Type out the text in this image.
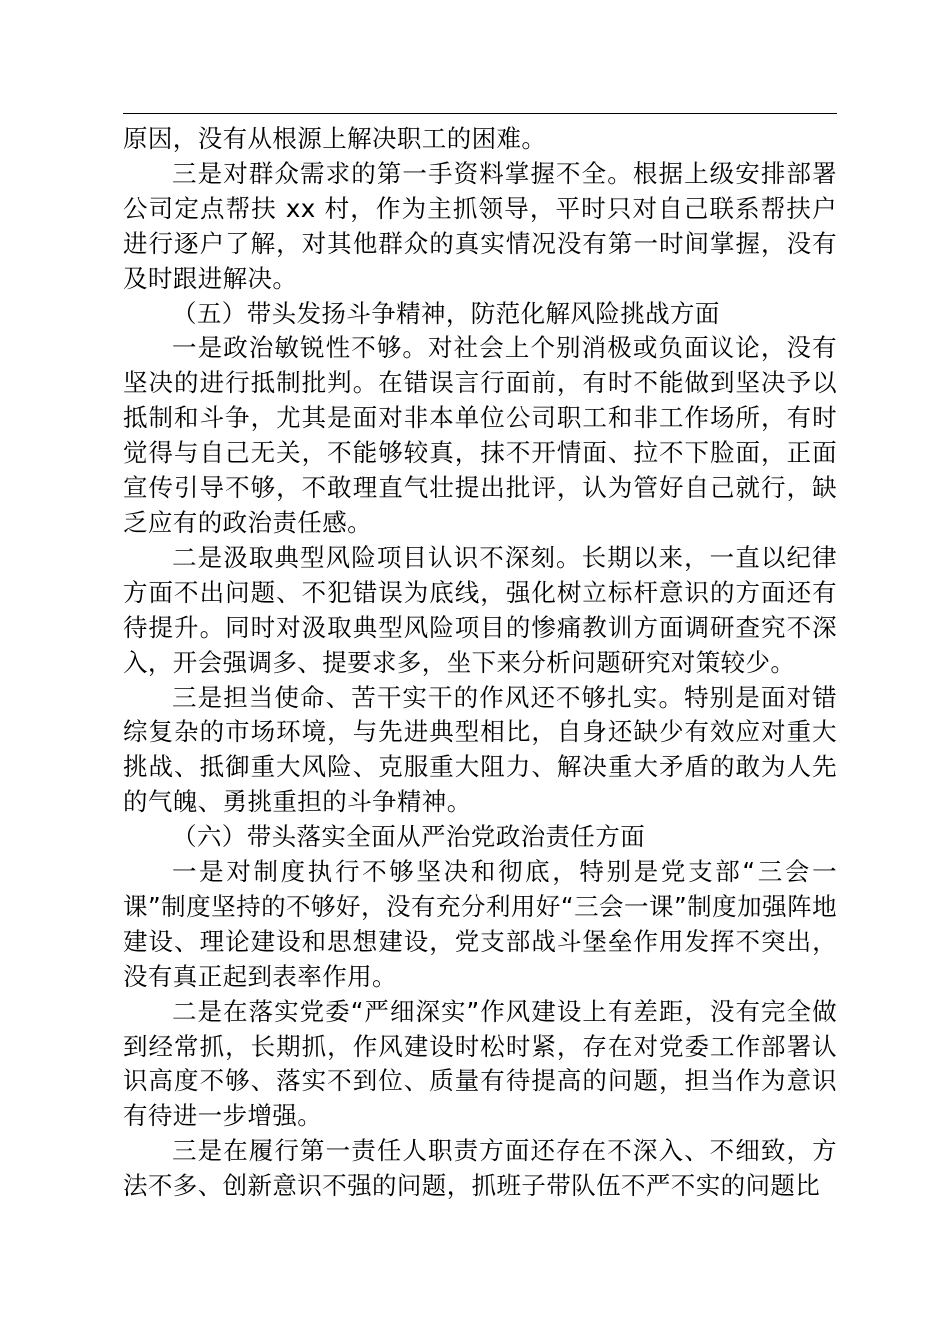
原因，没有从根源上解决职工的困难。

三是对群众需求的第一手资料掌握不全。根据上级安排部署公司定点帮扶 xx 村，作为主抓领导，平时只对自己联系帮扶户进行逐户了解，对其他群众的真实情况没有第一时间掌握，没有及时跟进解决。

（五）带头发扬斗争精神，防范化解风险挑战方面

一是政治敏锐性不够。对社会上个别消极或负面议论，没有坚决的进行抵制批判。在错误言行面前，有时不能做到坚决予以抵制和斗争，尤其是面对非本单位公司职工和非工作场所，有时觉得与自己无关，不能够较真，抹不开情面、拉不下脸面，正面宣传引导不够，不敢理直气壮提出批评，认为管好自己就行，缺乏应有的政治责任感。

二是汲取典型风险项目认识不深刻。长期以来，一直以纪律方面不出问题、不犯错误为底线，强化树立标杆意识的方面还有待提升。同时对汲取典型风险项目的惨痛教训方面调研查究不深入，开会强调多、提要求多，坐下来分析问题研究对策较少。

三是担当使命、苦干实干的作风还不够扎实。特别是面对错综复杂的市场环境，与先进典型相比，自身还缺少有效应对重大挑战、抵御重大风险、克服重大阻力、解决重大矛盾的敢为人先的气魄、勇挑重担的斗争精神。

（六）带头落实全面从严治党政治责任方面

一是对制度执行不够坚决和彻底，特别是党支部“三会一课”制度坚持的不够好，没有充分利用好“三会一课”制度加强阵地建设、理论建设和思想建设，党支部战斗堡垒作用发挥不突出，没有真正起到表率作用。

二是在落实党委“严细深实”作风建设上有差距，没有完全做到经常抓，长期抓，作风建设时松时紧，存在对党委工作部署认识高度不够、落实不到位、质量有待提高的问题，担当作为意识有待进一步增强。

三是在履行第一责任人职责方面还存在不深入、不细致，方法不多、创新意识不强的问题，抓班子带队伍不严不实的问题比
